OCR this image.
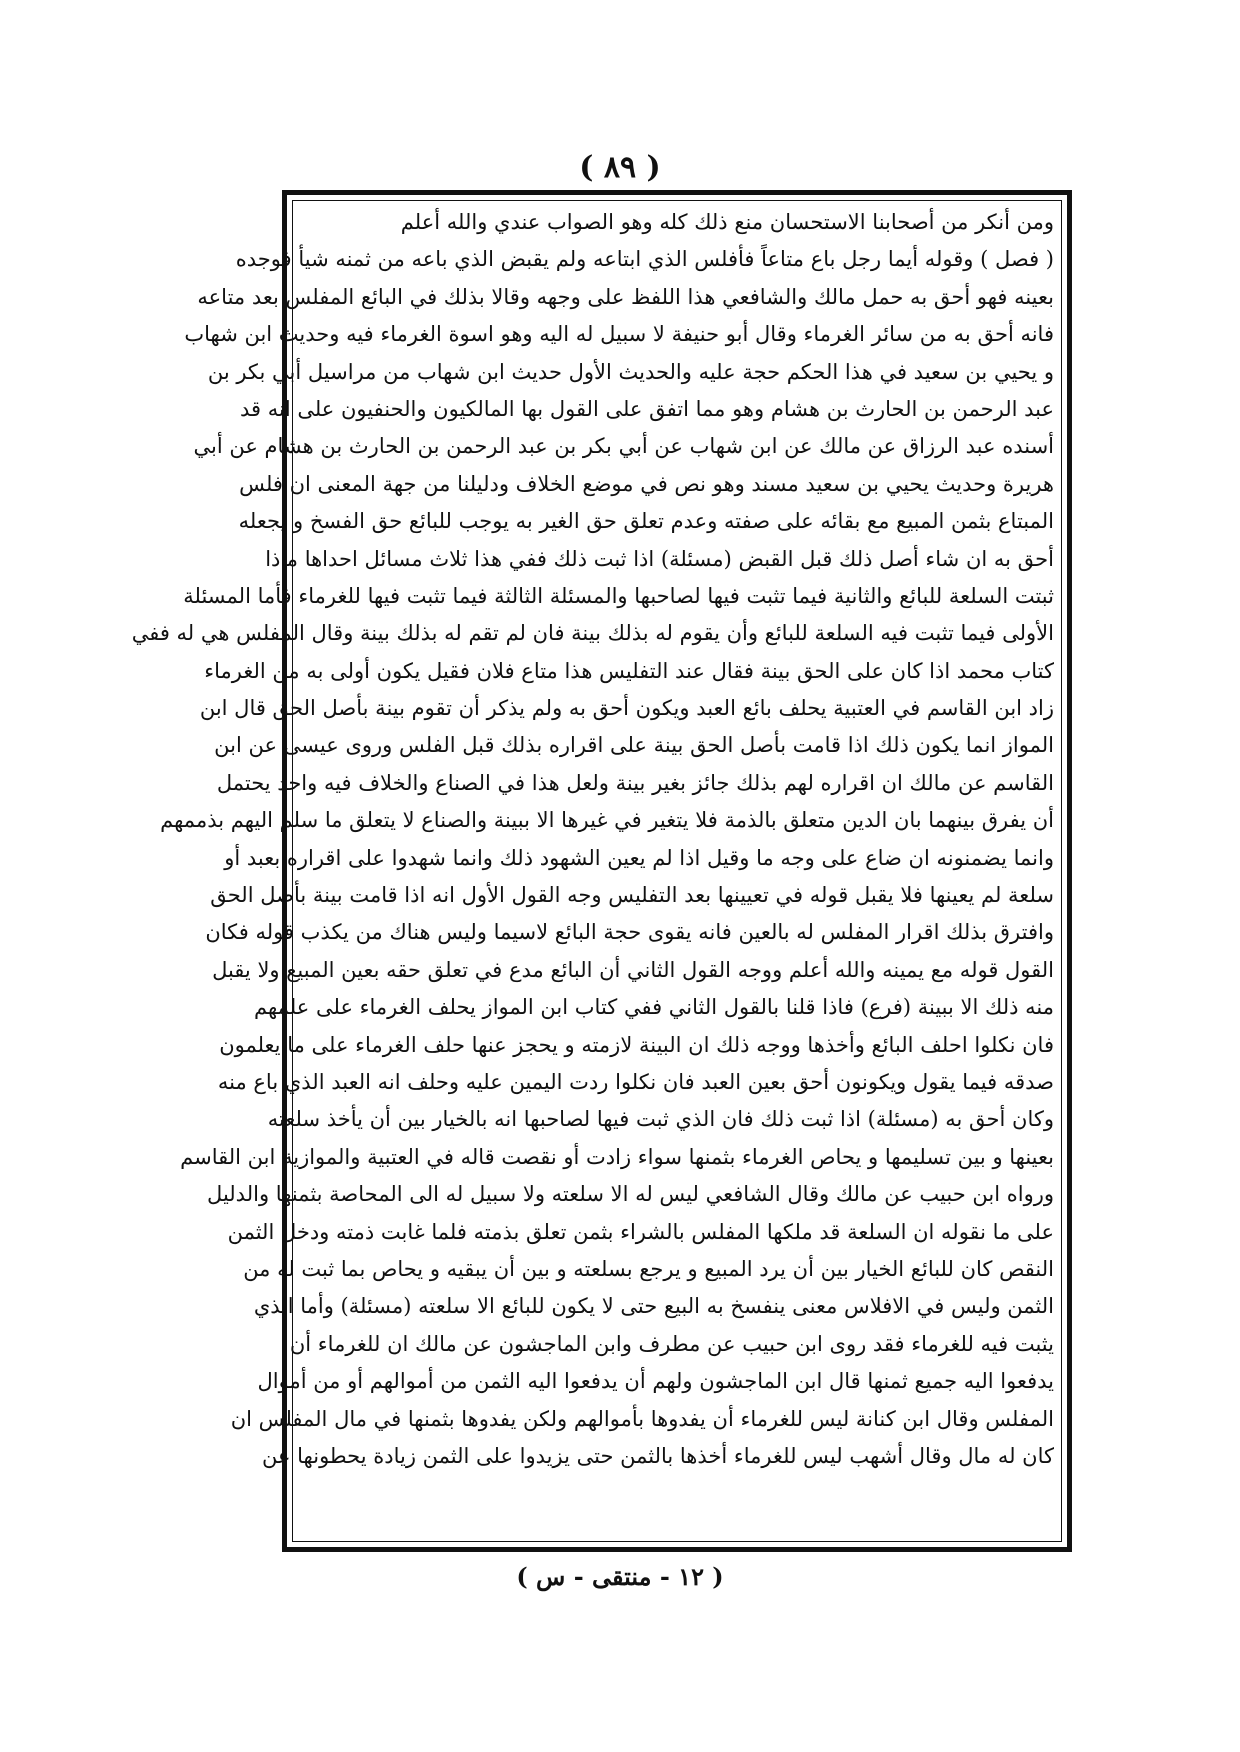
( ٨٩ )
ومن أنكر من أصحابنا الاستحسان منع ذلك كله وهو الصواب عندي والله أعلم
( فصل ) وقوله أيما رجل باع متاعاً فأفلس الذي ابتاعه ولم يقبض الذي باعه من ثمنه شيأ فوجده
بعينه فهو أحق به حمل مالك والشافعي هذا اللفظ على وجهه وقالا بذلك في البائع المفلس بعد متاعه
فانه أحق به من سائر الغرماء وقال أبو حنيفة لا سبيل له اليه وهو اسوة الغرماء فيه وحديث ابن شهاب
و يحيي بن سعيد في هذا الحكم حجة عليه والحديث الأول حديث ابن شهاب من مراسيل أبي بكر بن
عبد الرحمن بن الحارث بن هشام وهو مما اتفق على القول بها المالكيون والحنفيون على انه قد
أسنده عبد الرزاق عن مالك عن ابن شهاب عن أبي بكر بن عبد الرحمن بن الحارث بن هشام عن أبي
هريرة وحديث يحيي بن سعيد مسند وهو نص في موضع الخلاف ودليلنا من جهة المعنى ان فلس
المبتاع بثمن المبيع مع بقائه على صفته وعدم تعلق حق الغير به يوجب للبائع حق الفسخ و يجعله
أحق به ان شاء أصل ذلك قبل القبض (مسئلة) اذا ثبت ذلك ففي هذا ثلاث مسائل احداها ماذا
ثبتت السلعة للبائع والثانية فيما تثبت فيها لصاحبها والمسئلة الثالثة فيما تثبت فيها للغرماء فأما المسئلة
الأولى فيما تثبت فيه السلعة للبائع وأن يقوم له بذلك بينة فان لم تقم له بذلك بينة وقال المفلس هي له ففي
كتاب محمد اذا كان على الحق بينة فقال عند التفليس هذا متاع فلان فقيل يكون أولى به من الغرماء
زاد ابن القاسم في العتبية يحلف بائع العبد ويكون أحق به ولم يذكر أن تقوم بينة بأصل الحق قال ابن
المواز انما يكون ذلك اذا قامت بأصل الحق بينة على اقراره بذلك قبل الفلس وروى عيسى عن ابن
القاسم عن مالك ان اقراره لهم بذلك جائز بغير بينة ولعل هذا في الصناع والخلاف فيه واحد يحتمل
أن يفرق بينهما بان الدين متعلق بالذمة فلا يتغير في غيرها الا ببينة والصناع لا يتعلق ما سلم اليهم بذممهم
وانما يضمنونه ان ضاع على وجه ما وقيل اذا لم يعين الشهود ذلك وانما شهدوا على اقراره بعبد أو
سلعة لم يعينها فلا يقبل قوله في تعيينها بعد التفليس وجه القول الأول انه اذا قامت بينة بأصل الحق
وافترق بذلك اقرار المفلس له بالعين فانه يقوى حجة البائع لاسيما وليس هناك من يكذب قوله فكان
القول قوله مع يمينه والله أعلم ووجه القول الثاني أن البائع مدع في تعلق حقه بعين المبيع ولا يقبل
منه ذلك الا ببينة (فرع) فاذا قلنا بالقول الثاني ففي كتاب ابن المواز يحلف الغرماء على علمهم
فان نكلوا احلف البائع وأخذها ووجه ذلك ان البينة لازمته و يحجز عنها حلف الغرماء على ما يعلمون
صدقه فيما يقول ويكونون أحق بعين العبد فان نكلوا ردت اليمين عليه وحلف انه العبد الذي باع منه
وكان أحق به (مسئلة) اذا ثبت ذلك فان الذي ثبت فيها لصاحبها انه بالخيار بين أن يأخذ سلعته
بعينها و بين تسليمها و يحاص الغرماء بثمنها سواء زادت أو نقصت قاله في العتبية والموازية ابن القاسم
ورواه ابن حبيب عن مالك وقال الشافعي ليس له الا سلعته ولا سبيل له الى المحاصة بثمنها والدليل
على ما نقوله ان السلعة قد ملكها المفلس بالشراء بثمن تعلق بذمته فلما غابت ذمته ودخل الثمن
النقص كان للبائع الخيار بين أن يرد المبيع و يرجع بسلعته و بين أن يبقيه و يحاص بما ثبت له من
الثمن وليس في الافلاس معنى ينفسخ به البيع حتى لا يكون للبائع الا سلعته (مسئلة) وأما الذي
يثبت فيه للغرماء فقد روى ابن حبيب عن مطرف وابن الماجشون عن مالك ان للغرماء أن
يدفعوا اليه جميع ثمنها قال ابن الماجشون ولهم أن يدفعوا اليه الثمن من أموالهم أو من أموال
المفلس وقال ابن كنانة ليس للغرماء أن يفدوها بأموالهم ولكن يفدوها بثمنها في مال المفلس ان
كان له مال وقال أشهب ليس للغرماء أخذها بالثمن حتى يزيدوا على الثمن زيادة يحطونها عن
( ١٢ - منتقى - س )
